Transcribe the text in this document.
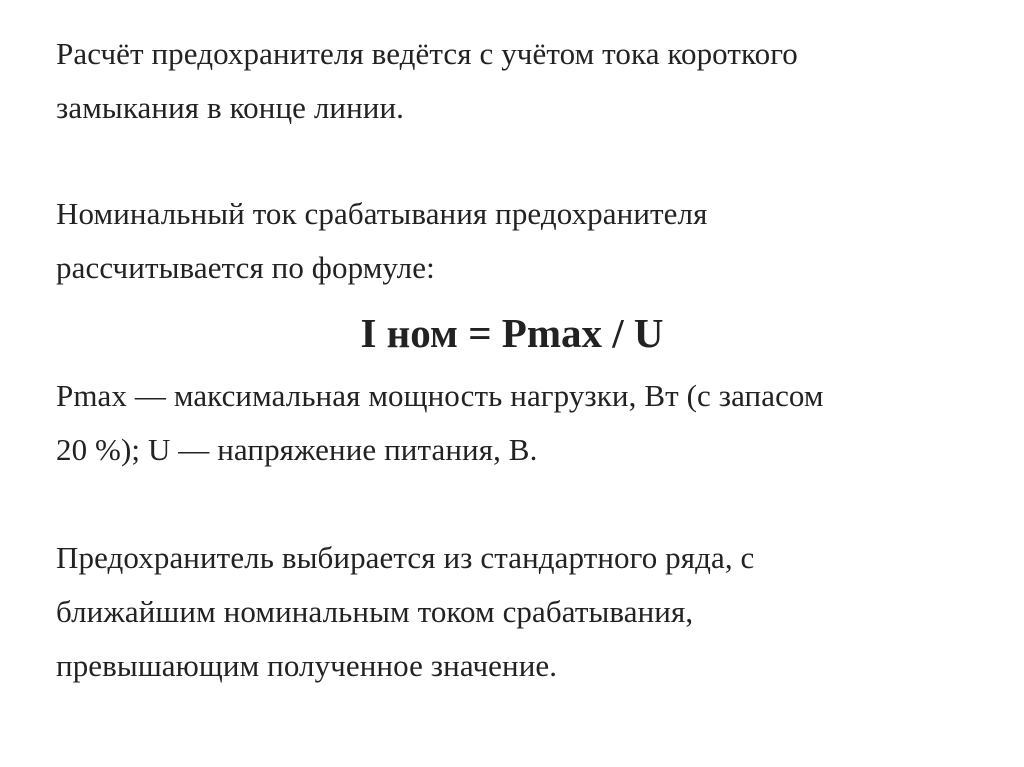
Расчёт предохранителя ведётся с учётом тока короткого
замыкания в конце линии.
Номинальный ток срабатывания предохранителя
рассчитывается по формуле:
I ном = Pmax / U
Pmax — максимальная мощность нагрузки, Вт (с запасом
20 %); U — напряжение питания, В.
Предохранитель выбирается из стандартного ряда, с
ближайшим номинальным током срабатывания,
превышающим полученное значение.
